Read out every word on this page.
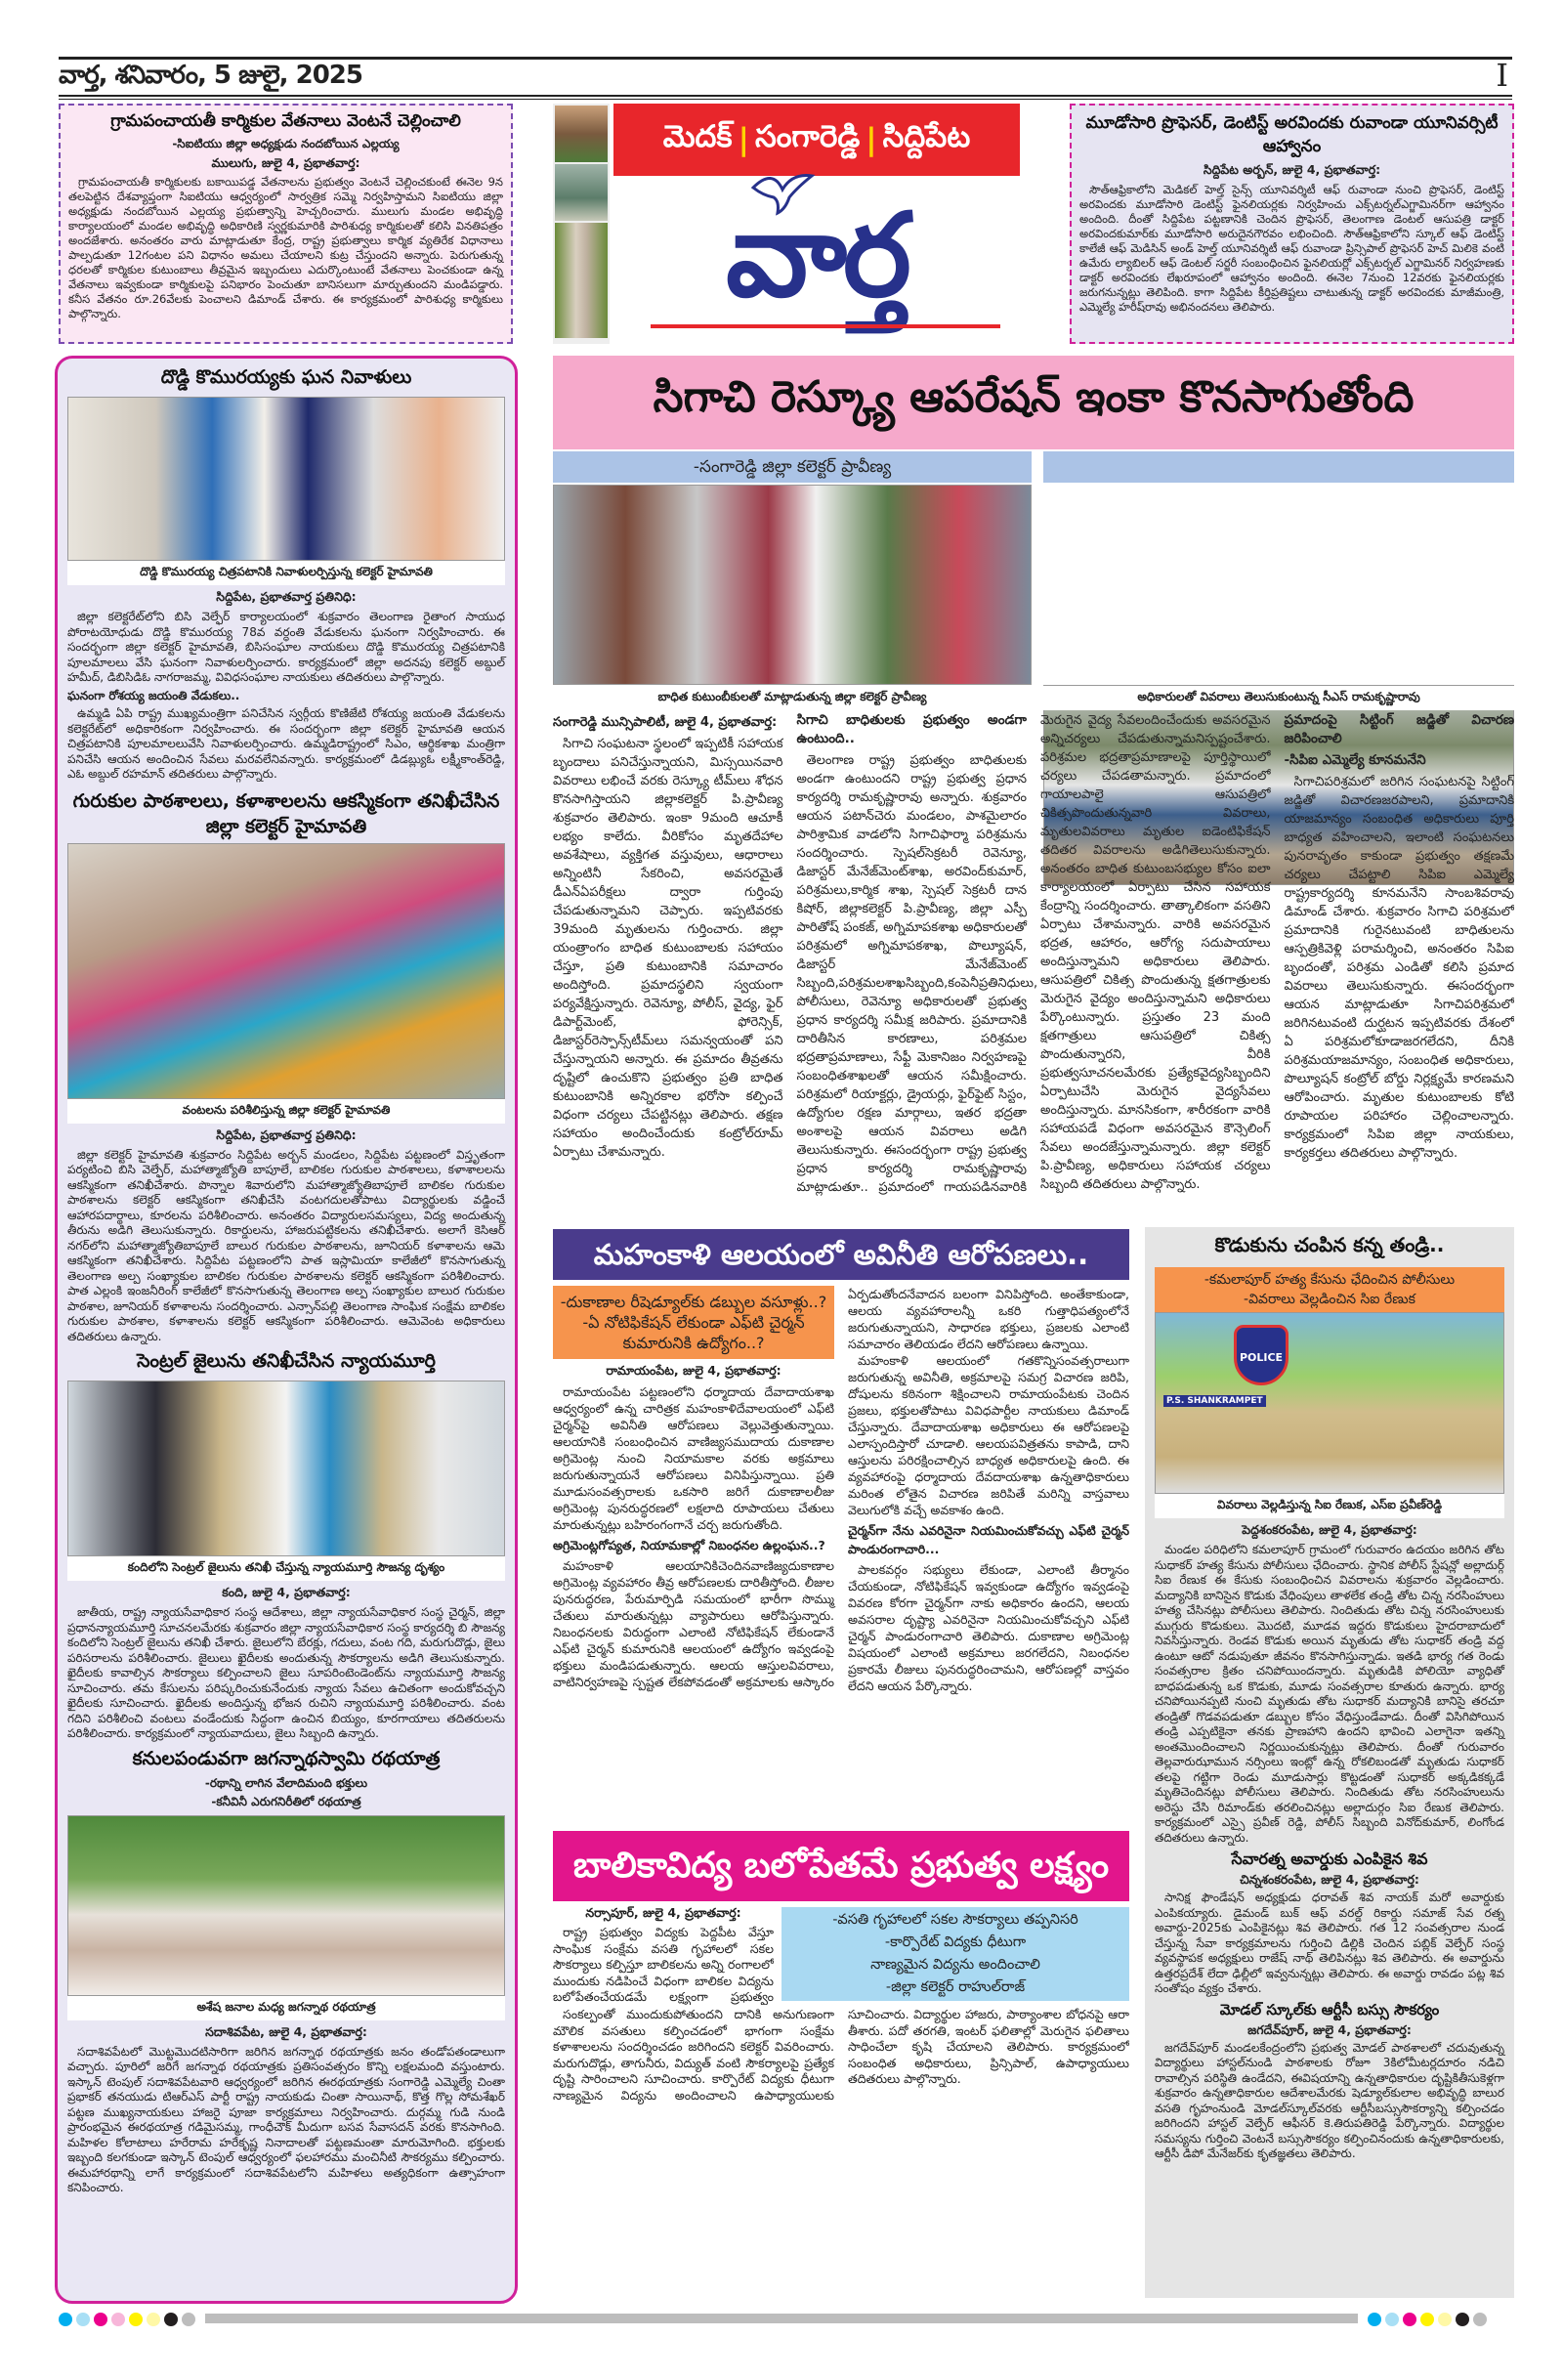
వార్త, శనివారం, 5 జులై, 2025	I
గ్రామపంచాయతీ కార్మికుల వేతనాలు వెంటనే చెల్లించాలి
-సిఐటియు జిల్లా అధ్యక్షుడు నందబోయిన ఎల్లయ్య
ములుగు, జులై 4, ప్రభాతవార్త:
గ్రామపంచాయతీ కార్మికులకు బకాయిపడ్డ వేతనాలను ప్రభుత్వం వెంటనే చెల్లించకుంటే ఈనెల 9న తలపెట్టిన దేశవ్యాప్తంగా సిఐటియు ఆధ్వర్యంలో సార్వత్రిక సమ్మె నిర్వహిస్తామని సిఐటియు జిల్లా అధ్యక్షుడు నందబోయిన ఎల్లయ్య ప్రభుత్వాన్ని హెచ్చరించారు. ములుగు మండల అభివృద్ధి కార్యాలయంలో మండల అభివృద్ధి అధికారిణి స్వర్ణకుమారికి పారిశుధ్య కార్మికులతో కలిసి వినతిపత్రం అందజేశారు. అనంతరం వారు మాట్లాడుతూ కేంద్ర, రాష్ట్ర ప్రభుత్వాలు కార్మిక వ్యతిరేక విధానాలు పాల్పడుతూ 12గంటల పని విధానం అమలు చేయాలని కుట్ర చేస్తుందని అన్నారు. పెరుగుతున్న ధరలతో కార్మికుల కుటుంబాలు తీవ్రమైన ఇబ్బందులు ఎదుర్కొంటుంటే వేతనాలు పెంచకుండా ఉన్న వేతనాలు ఇవ్వకుండా కార్మికులపై పనిభారం పెంచుతూ బానిసలుగా మార్చుతుందని మండిపడ్డారు. కనీస వేతనం రూ.26వేలకు పెంచాలని డిమాండ్ చేశారు. ఈ కార్యక్రమంలో పారిశుధ్య కార్మికులు పాల్గొన్నారు.
మెదక్ | సంగారెడ్డి | సిద్దిపేట
వార్త
మూడోసారి ప్రొఫెసర్, డెంటిస్ట్ అరవిందకు రువాండా యూనివర్సిటీ ఆహ్వానం
సిద్దిపేట అర్బన్, జులై 4, ప్రభాతవార్త:
సౌత్ఆఫ్రికాలోని మెడికల్ హెల్త్ సైన్స్ యూనివర్శిటీ ఆఫ్ రువాండా నుంచి ప్రొఫెసర్, డెంటిస్ట్ అరవిందకు మూడోసారి డెంటిస్ట్ ఫైనలియర్లకు నిర్వహించు ఎక్స్‌టర్నల్ఎగ్జామినర్‌గా ఆహ్వానం అందింది. దీంతో సిద్దిపేట పట్టణానికి చెందిన ప్రొఫెసర్, తెలంగాణ డెంటల్ ఆసుపత్రి డాక్టర్ అరవిందకుమార్‌కు మూడోసారి అరుదైనగౌరవం లభించింది. సౌత్ఆఫ్రికాలోని స్కూల్ ఆఫ్ డెంటిస్ట్ కాలేజీ ఆఫ్ మెడిసిన్ అండ్ హెల్త్ యూనివర్శిటీ ఆఫ్ రువాండా ప్రిన్సిపాల్ ప్రొఫెసర్ హెచ్‌ మిలికె వంటి ఉమేరు ల్యాబిలర్ ఆఫ్ డెంటల్ సర్జరీ సంబంధించిన ఫైనలియర్లో ఎక్స్‌టర్నల్ ఎగ్జామినర్ నిర్వహణకు డాక్టర్ అరవిందకు లేఖరూపంలో ఆహ్వానం అందింది. ఈనెల 7నుంచి 12వరకు ఫైనలియర్లకు జరుగనున్నట్లు తెలిపింది. కాగా సిద్దిపేట కీర్తిప్రతిష్టలు చాటుతున్న డాక్టర్ అరవిందకు మాజీమంత్రి, ఎమ్మెల్యే హరీష్‌రావు అభినందనలు తెలిపారు.
దొడ్డి కొమురయ్యకు ఘన నివాళులు
దొడ్డి కొమురయ్య చిత్రపటానికి నివాళులర్పిస్తున్న కలెక్టర్ హైమావతి
సిద్దిపేట, ప్రభాతవార్త ప్రతినిధి:
జిల్లా కలెక్టరేట్‌లోని బిసి వెల్ఫేర్ కార్యాలయంలో శుక్రవారం తెలంగాణ రైతాంగ సాయుధ పోరాటయోధుడు దొడ్డి కొమురయ్య 78వ వర్ధంతి వేడుకలను ఘనంగా నిర్వహించారు. ఈ సందర్భంగా జిల్లా కలెక్టర్ హైమావతి, బిసిసంఘాల నాయకులు దొడ్డి కొమురయ్య చిత్రపటానికి పూలమాలలు వేసి ఘనంగా నివాళులర్పించారు. కార్యక్రమంలో జిల్లా అదనపు కలెక్టర్ అబ్దుల్ హమీద్, డిబిసిడిఓ నాగరాజమ్మ, వివిధసంఘాల నాయకులు తదితరులు పాల్గొన్నారు.
ఘనంగా రోశయ్య జయంతి వేడుకలు..
ఉమ్మడి ఏపి రాష్ట్ర ముఖ్యమంత్రిగా పనిచేసిన స్వర్గీయ కొణిజేటి రోశయ్య జయంతి వేడుకలను కలెక్టరేట్‌లో అధికారికంగా నిర్వహించారు. ఈ సందర్భంగా జిల్లా కలెక్టర్ హైమావతి ఆయన చిత్రపటానికి పూలమాలలువేసి నివాళులర్పించారు. ఉమ్మడిరాష్ట్రంలో సిఎం, ఆర్థికశాఖ మంత్రిగా పనిచేసి ఆయన అందించిన సేవలు మరవలేనివన్నారు. కార్యక్రమంలో డిడబ్ల్యుఓ లక్ష్మీకాంత్‌రెడ్డి, ఎఓ అబ్దుల్ రహమాన్ తదితరులు పాల్గొన్నారు.
గురుకుల పాఠశాలలు, కళాశాలలను ఆకస్మికంగా తనిఖీచేసిన జిల్లా కలెక్టర్ హైమావతి
వంటలను పరిశీలిస్తున్న జిల్లా కలెక్టర్ హైమావతి
సిద్దిపేట, ప్రభాతవార్త ప్రతినిధి:
జిల్లా కలెక్టర్ హైమావతి శుక్రవారం సిద్దిపేట అర్బన్ మండలం, సిద్దిపేట పట్టణంలో విస్తృతంగా పర్యటించి బిసి వెల్ఫేర్, మహాత్మాజ్యోతి బాపూలే, బాలికల గురుకుల పాఠశాలలు, కళాశాలలను ఆకస్మికంగా తనిఖీచేశారు. పొన్నాల శివారులోని మహాత్మాజ్యోతిబాపూలే బాలికల గురుకుల పాఠశాలను కలెక్టర్ ఆకస్మికంగా తనిఖీచేసి వంటగదులతోపాటు విద్యార్థులకు వడ్డించే ఆహారపదార్థాలు, కూరలను పరిశీలించారు. అనంతరం విద్యారులసమస్యలు, విద్య అందుతున్న తీరును అడిగి తెలుసుకున్నారు. రికార్డులను, హాజరుపట్టికలను తనిఖీచేశారు. అలాగే కెసిఆర్ నగర్‌లోని మహాత్మాజ్యోతిబాపూలే బాలుర గురుకుల పాఠశాలను, జూనియర్ కళాశాలను ఆమె ఆకస్మికంగా తనిఖీచేశారు. సిద్దిపేట పట్టణంలోని పాత ఇస్లామియా కాలేజీలో కొనసాగుతున్న తెలంగాణ అల్ప సంఖ్యాకుల బాలికల గురుకుల పాఠశాలను కలెక్టర్ ఆకస్మికంగా పరిశీలించారు. పాత ఎల్లంకి ఇంజనీరింగ్ కాలేజీలో కొనసాగుతున్న తెలంగాణ అల్ప సంఖ్యాకుల బాలుర గురుకుల పాఠశాల, జూనియర్ కళాశాలను సందర్శించారు. ఎన్సాన్‌పల్లి తెలంగాణ సాంఘిక సంక్షేమ బాలికల గురుకుల పాఠశాల, కళాశాలను కలెక్టర్ ఆకస్మికంగా పరిశీలించారు. ఆమెవెంట అధికారులు తదితరులు ఉన్నారు.
సెంట్రల్ జైలును తనిఖీచేసిన న్యాయమూర్తి
కందిలోని సెంట్రల్ జైలును తనిఖీ చేస్తున్న న్యాయమూర్తి సౌజన్య దృశ్యం
కంది, జులై 4, ప్రభాతవార్త:
జాతీయ, రాష్ట్ర న్యాయసేవాధికార సంస్థ ఆదేశాలు, జిల్లా న్యాయసేవాధికార సంస్థ చైర్మన్, జిల్లా ప్రధానన్యాయమూర్తి సూచనలమేరకు శుక్రవారం జిల్లా న్యాయసేవాధికార సంస్థ కార్యదర్శి బి సౌజన్య కందిలోని సెంట్రల్ జైలును తనిఖీ చేశారు. జైలులోని బేరక్లు, గదులు, వంట గది, మరుగుదొడ్లు, జైలు పరిసరాలను పరిశీలించారు. జైలులు ఖైదీలకు అందుతున్న సౌకర్యాలను అడిగి తెలుసుకున్నారు. ఖైదీలకు కావాల్సిన సౌకర్యాలు కల్పించాలని జైలు సూపరింటెండెంట్‌ను న్యాయమూర్తి సౌజన్య సూచించారు. తమ కేసులను పరిష్కరించుకునేందుకు న్యాయ సేవలు ఉచితంగా అందుకోవచ్చని ఖైదీలకు సూచించారు. ఖైదీలకు అందిస్తున్న భోజన రుచిని న్యాయమూర్తి పరిశీలించారు. వంట గదిని పరిశీలించి వంటలు వండేందుకు సిద్ధంగా ఉంచిన బియ్యం, కూరగాయాలు తదితరులను పరిశీలించారు. కార్యక్రమంలో న్యాయవాదులు, జైలు సిబ్బంది ఉన్నారు.
కనులపండువగా జగన్నాథస్వామి రథయాత్ర
-రథాన్ని లాగిన వేలాదిమంది భక్తులు
-కనీవినీ ఎరుగనిరీతిలో రథయాత్ర
అశేష జనాల మధ్య జగన్నాథ రథయాత్ర
సదాశివపేట, జులై 4, ప్రభాతవార్త:
సదాశివపేటలో మొట్టమొదటిసారిగా జరిగిన జగన్నాథ రథయాత్రకు జనం తండోపతండాలుగా వచ్చారు. పూరిలో జరిగే జగన్నాథ రథయాత్రకు ప్రతిసంవత్సరం కొన్ని లక్షలమంది వస్తుంటారు. ఇస్కాన్ టెంపుల్ సదాశివపేటవారి ఆధ్వర్యంలో జరిగిన ఈరథయాత్రకు సంగారెడ్డి ఎమ్మెల్యే చింతా ప్రభాకర్ తనయుడు టిఆర్ఎస్ పార్టీ రాష్ట్ర నాయకుడు చింతా సాయినాథ్, కొత్త గొల్ల సోమశేఖర్ పట్టణ ముఖ్యనాయకులు హాజరై పూజా కార్యక్రమాలు నిర్వహించారు. దుర్గమ్మ గుడి నుండి ప్రారంభమైన ఈరథయాత్ర గడిమైసమ్మ, గాంధీచౌక్ మీదుగా బసవ సేవాసదన్ వరకు కొనసాగింది. మహిళల కోలాటాలు హరేరామ హరేకృష్ణ నినాదాలతో పట్టణమంతా మారుమోగింది. భక్తులకు ఇబ్బంది కలగకుండా ఇస్కాన్ టెంపుల్ ఆధ్వర్యంలో ఫలహారము మంచినీటి సౌకర్యము కల్పించారు. ఈమహారథాన్ని లాగే కార్యక్రమంలో సదాశివపేటలోని మహిళలు అత్యధికంగా ఉత్సాహంగా కనిపించారు.
సిగాచి రెస్క్యూ ఆపరేషన్ ఇంకా కొనసాగుతోంది
-సంగారెడ్డి జిల్లా కలెక్టర్ ప్రావీణ్య
బాధిత కుటుంబీకులతో మాట్లాడుతున్న జిల్లా కలెక్టర్ ప్రావీణ్య	అధికారులతో వివరాలు తెలుసుకుంటున్న సీఎస్ రామకృష్ణారావు
సంగారెడ్డి మున్సిపాలిటీ, జులై 4, ప్రభాతవార్త:
సిగాచి సంఘటనా స్థలంలో ఇప్పటికీ సహాయక బృందాలు పనిచేస్తున్నాయని, మిస్సయినవారి వివరాలు లభించే వరకు రెస్క్యూ టీమ్‌లు శోధన కొనసాగిస్తాయని జిల్లాకలెక్టర్ పి.ప్రావీణ్య శుక్రవారం తెలిపారు. ఇంకా 9మంది ఆచూకీ లభ్యం కాలేదు. వీరికోసం మృతదేహాల అవశేషాలు, వ్యక్తిగత వస్తువులు, ఆధారాలు అన్నింటినీ సేకరించి, అవసరమైతే డీఎన్ఏపరీక్షలు ద్వారా గుర్తింపు చేపడుతున్నామని చెప్పారు. ఇప్పటివరకు 39మంది మృతులను గుర్తించారు. జిల్లా యంత్రాంగం బాధిత కుటుంబాలకు సహాయం చేస్తూ, ప్రతి కుటుంబానికి సమాచారం అందిస్తోంది. ప్రమాదస్థలిని స్వయంగా పర్యవేక్షిస్తున్నారు. రెవెన్యూ, పోలీస్, వైద్య, ఫైర్ డిపార్ట్‌మెంట్, ఫోరెన్సిక్, డిజాస్టర్‌రెస్పాన్స్‌టీమ్‌లు సమన్వయంతో పని చేస్తున్నాయని అన్నారు. ఈ ప్రమాదం తీవ్రతను దృష్టిలో ఉంచుకొని ప్రభుత్వం ప్రతి బాధిత కుటుంబానికి అన్నిరకాల భరోసా కల్పించే విధంగా చర్యలు చేపట్టినట్లు తెలిపారు. తక్షణ సహాయం అందించేందుకు కంట్రోల్‌రూమ్ ఏర్పాటు చేశామన్నారు.
సిగాచి బాధితులకు ప్రభుత్వం అండగా ఉంటుంది..
తెలంగాణ రాష్ట్ర ప్రభుత్వం బాధితులకు అండగా ఉంటుందని రాష్ట్ర ప్రభుత్వ ప్రధాన కార్యదర్శి రామకృష్ణారావు అన్నారు. శుక్రవారం ఆయన పటాన్‌చెరు మండలం, పాశమైలారం పారిశ్రామిక వాడలోని సిగాచిఫార్మా పరిశ్రమను సందర్శించారు. స్పెషల్‌సెక్రటరీ రెవెన్యూ, డిజాస్టర్ మేనేజ్‌మెంట్‌శాఖ, అరవింద్‌కుమార్, పరిశ్రమలు,కార్మిక శాఖ, స్పెషల్ సెక్రటరీ దాన కిషోర్, జిల్లాకలెక్టర్ పి.ప్రావీణ్య, జిల్లా ఎస్పీ పారితోష్ పంకజ్, అగ్నిమాపకశాఖ అధికారులతో పరిశ్రమలో అగ్నిమాపకశాఖ, పొల్యూషన్, డిజాస్టర్ మేనేజ్‌మెంట్ సిబ్బంది,పరిశ్రమలశాఖసిబ్బంది,కంపెనీప్రతినిధులు, పోలీసులు, రెవెన్యూ అధికారులతో ప్రభుత్వ ప్రధాన కార్యదర్శి సమీక్ష జరిపారు. ప్రమాదానికి దారితీసిన కారణాలు, పరిశ్రమల భద్రతాప్రమాణాలు, సేఫ్టీ మెకానిజం నిర్వహణపై సంబంధితశాఖలతో ఆయన సమీక్షించారు. పరిశ్రమలో రియాక్టర్లు, డ్రైయర్లు, ఫైర్‌ఫైట్ సిస్టం, ఉద్యోగుల రక్షణ మార్గాలు, ఇతర భద్రతా అంశాలపై ఆయన వివరాలు అడిగి తెలుసుకున్నారు. ఈసందర్భంగా రాష్ట్ర ప్రభుత్వ ప్రధాన కార్యదర్శి రామకృష్ణారావు మాట్లాడుతూ.. ప్రమాదంలో గాయపడినవారికి మెరుగైన వైద్య సేవలందించేందుకు అవసరమైన అన్నిచర్యలు చేపడుతున్నామనిస్పష్టంచేశారు. పరిశ్రమల భద్రతాప్రమాణాలపై పూర్తిస్థాయిలో చర్యలు చేపడతామన్నారు. ప్రమాదంలో గాయాలపాలై ఆసుపత్రిలో చికిత్సపొందుతున్నవారి వివరాలు, మృతులవివరాలు మృతుల ఐడెంటిఫికేషన్ తదితర వివరాలను అడిగితెలుసుకున్నారు. అనంతరం బాధిత కుటుంబసభ్యుల కోసం ఐలా కార్యాలయంలో ఏర్పాటు చేసిన సహాయక కేంద్రాన్ని సందర్శించారు. తాత్కాలికంగా వసతిని ఏర్పాటు చేశామన్నారు. వారికి అవసరమైన భద్రత, ఆహారం, ఆరోగ్య సదుపాయాలు అందిస్తున్నామని అధికారులు తెలిపారు. ఆసుపత్రిలో చికిత్స పొందుతున్న క్షతగాత్రులకు మెరుగైన వైద్యం అందిస్తున్నామని అధికారులు పేర్కొంటున్నారు. ప్రస్తుతం 23 మంది క్షతగాత్రులు ఆసుపత్రిలో చికిత్స పొందుతున్నారని, వీరికి ప్రభుత్వసూచనలమేరకు ప్రత్యేకవైద్యసిబ్బందిని ఏర్పాటుచేసి మెరుగైన వైద్యసేవలు అందిస్తున్నారు. మానసికంగా, శారీరకంగా వారికి సహాయపడే విధంగా అవసరమైన కౌన్సెలింగ్ సేవలు అందజేస్తున్నామన్నారు. జిల్లా కలెక్టర్ పి.ప్రావీణ్య, అధికారులు సహాయక చర్యలు సిబ్బంది తదితరులు పాల్గొన్నారు.
ప్రమాదంపై సిట్టింగ్ జడ్జితో విచారణ జరిపించాలి
-సిపిఐ ఎమ్మెల్యే కూనమనేని
సిగాచిపరిశ్రమలో జరిగిన సంఘటనపై సిట్టింగ్ జడ్జితో విచారణజరపాలని, ప్రమాదానికి యాజమాన్యం సంబంధిత అధికారులు పూర్తి బాధ్యత వహించాలని, ఇలాంటి సంఘటనలు పునరావృతం కాకుండా ప్రభుత్వం తక్షణమే చర్యలు చేపట్టాలి సిపిఐ ఎమ్మెల్యే రాష్ట్రకార్యదర్శి కూనమనేని సాంబశివరావు డిమాండ్ చేశారు. శుక్రవారం సిగాచి పరిశ్రమలో ప్రమాదానికి గురైనటువంటి బాధితులను ఆస్పత్రికివెళ్లి పరామర్శించి, అనంతరం సిపిఐ బృందంతో, పరిశ్రమ ఎండితో కలిసి ప్రమాద వివరాలు తెలుసుకున్నారు. ఈసందర్భంగా ఆయన మాట్లాడుతూ సిగాచిపరిశ్రమలో జరిగినటువంటి దుర్ఘటన ఇప్పటివరకు దేశంలో ఏ పరిశ్రమలోకూడాజరగలేదని, దీనికి పరిశ్రమయాజమాన్యం, సంబంధిత అధికారులు, పొల్యూషన్ కంట్రోల్ బోర్డు నిర్లక్ష్యమే కారణమని ఆరోపించారు. మృతుల కుటుంబాలకు కోటి రూపాయల పరిహారం చెల్లించాలన్నారు. కార్యక్రమంలో సిపిఐ జిల్లా నాయకులు, కార్యకర్తలు తదితరులు పాల్గొన్నారు.
మహంకాళి ఆలయంలో అవినీతి ఆరోపణలు..
-దుకాణాల రీషెడ్యూల్‌కు డబ్బుల వసూళ్లు..?
-ఏ నోటిఫికేషన్ లేకుండా ఎఫ్‌టి చైర్మన్ కుమారునికి ఉద్యోగం..?
రామాయంపేట, జులై 4, ప్రభాతవార్త:
రామాయంపేట పట్టణంలోని ధర్మాదాయ దేవాదాయశాఖ ఆధ్వర్యంలో ఉన్న చారిత్రక మహంకాళిదేవాలయంలో ఎఫ్‌టి చైర్మన్‌పై అవినీతి ఆరోపణలు వెల్లువెత్తుతున్నాయి. ఆలయానికి సంబంధించిన వాణిజ్యసముదాయ దుకాణాల అగ్రిమెంట్ల నుంచి నియామకాల వరకు అక్రమాలు జరుగుతున్నాయనే ఆరోపణలు వినిపిస్తున్నాయి. ప్రతి మూడుసంవత్సరాలకు ఒకసారి జరిగే దుకాణాలలీజు అగ్రిమెంట్ల పునరుద్ధరణలో లక్షలాది రూపాయలు చేతులు మారుతున్నట్లు బహిరంగంగానే చర్చ జరుగుతోంది.
అగ్రిమెంట్లగోప్యత, నియామకాల్లో నిబంధనల ఉల్లంఘన..?
మహంకాళి ఆలయానికిచెందినవాణిజ్యదుకాణాల అగ్రిమెంట్ల వ్యవహారం తీవ్ర ఆరోపణలకు దారితీస్తోంది. లీజుల పునరుద్ధరణ, పేరుమార్పిడి సమయంలో భారీగా సొమ్ము చేతులు మారుతున్నట్లు వ్యాపారులు ఆరోపిస్తున్నారు. నిబంధనలకు విరుద్ధంగా ఎలాంటి నోటిఫికేషన్ లేకుండానే ఎఫ్‌టి చైర్మన్ కుమారునికి ఆలయంలో ఉద్యోగం ఇవ్వడంపై భక్తులు మండిపడుతున్నారు. ఆలయ ఆస్తులవివరాలు, వాటినిర్వహణపై స్పష్టత లేకపోవడంతో అక్రమాలకు ఆస్కారం ఏర్పడుతోందనేవాదన బలంగా వినిపిస్తోంది. అంతేకాకుండా, ఆలయ వ్యవహారాలన్నీ ఒకరి గుత్తాధిపత్యంలోనే జరుగుతున్నాయని, సాధారణ భక్తులు, ప్రజలకు ఎలాంటి సమాచారం తెలియడం లేదని ఆరోపణలు ఉన్నాయి.
మహంకాళి ఆలయంలో గతకొన్నిసంవత్సరాలుగా జరుగుతున్న అవినీతి, అక్రమాలపై సమగ్ర విచారణ జరిపి, దోషులను కఠినంగా శిక్షించాలని రామాయంపేటకు చెందిన ప్రజలు, భక్తులతోపాటు వివిధపార్టీల నాయకులు డిమాండ్ చేస్తున్నారు. దేవాదాయశాఖ అధికారులు ఈ ఆరోపణలపై ఎలాస్పందిస్తారో చూడాలి. ఆలయపవిత్రతను కాపాడి, దాని ఆస్తులను పరిరక్షించాల్సిన బాధ్యత అధికారులపై ఉంది. ఈ వ్యవహారంపై ధర్మాదాయ దేవదాయశాఖ ఉన్నతాధికారులు మరింత లోతైన విచారణ జరిపితే మరిన్ని వాస్తవాలు వెలుగులోకి వచ్చే అవకాశం ఉంది.
చైర్మన్‌గా నేను ఎవరినైనా నియమించుకోవచ్చు ఎఫ్‌టి చైర్మన్ పాండురంగాచారి...
పాలకవర్గం సభ్యులు లేకుండా, ఎలాంటి తీర్మానం చేయకుండా, నోటిఫికేషన్ ఇవ్వకుండా ఉద్యోగం ఇవ్వడంపై వివరణ కోరగా చైర్మన్‌గా నాకు అధికారం ఉందని, ఆలయ అవసరాల దృష్ట్యా ఎవరినైనా నియమించుకోవచ్చని ఎఫ్‌టి చైర్మన్ పాండురంగాచారి తెలిపారు. దుకాణాల అగ్రిమెంట్ల విషయంలో ఎలాంటి అక్రమాలు జరగలేదని, నిబంధనల ప్రకారమే లీజులు పునరుద్ధరించామని, ఆరోపణల్లో వాస్తవం లేదని ఆయన పేర్కొన్నారు.
కొడుకును చంపిన కన్న తండ్రి..
-కమలాపూర్ హత్య కేసును ఛేదించిన పోలీసులు
-వివరాలు వెల్లడించిన సిఐ రేణుక
POLICE
P.S. SHANKRAMPET
వివరాలు వెల్లడిస్తున్న సిఐ రేణుక, ఎస్ఐ ప్రవీణ్‌రెడ్డి
పెద్దశంకరంపేట, జులై 4, ప్రభాతవార్త:
మండల పరిధిలోని కమలాపూర్ గ్రామంలో గురువారం ఉదయం జరిగిన తోట సుధాకర్ హత్య కేసును పోలీసులు ఛేదించారు. స్థానిక పోలీస్ స్టేషన్లో అల్లాదుర్గ్ సిఐ రేణుక ఈ కేసుకు సంబంధించిన వివరాలను శుక్రవారం వెల్లడించారు. మద్యానికి బానిసైన కొడుకు వేధింపులు తాళలేక తండ్రి తోట చిన్న నరసింహులు హత్య చేసినట్లు పోలీసులు తెలిపారు. నిందితుడు తోట చిన్న నరసింహులుకు ముగ్గురు కొడుకులు. మొదటి, మూడవ ఇద్దరు కొడుకులు హైదరాబాదులో నివసిస్తున్నారు. రెండవ కొడుకు అయిన మృతుడు తోట సుధాకర్ తండ్రి వద్ద ఉంటూ ఆటో నడుపుతూ జీవనం కొనసాగిస్తున్నాడు. ఇతడి భార్య గత రెండు సంవత్సరాల క్రితం చనిపోయిందన్నారు. మృతుడికి పోలియో వ్యాధితో బాధపడుతున్న ఒక కొడుకు, మూడు సంవత్సరాల కూతురు ఉన్నారు. భార్య చనిపోయినప్పటి నుంచి మృతుడు తోట సుధాకర్ మద్యానికి బానిసై తరచూ తండ్రితో గొడవపడుతూ డబ్బుల కోసం వేధిస్తుండేవాడు. దీంతో విసిగిపోయిన తండ్రి ఎప్పటికైనా తనకు ప్రాణహాని ఉందని భావించి ఎలాగైనా ఇతన్ని అంతమొందించాలని నిర్ణయించుకున్నట్లు తెలిపారు. దీంతో గురువారం తెల్లవారుఝామున నర్సింలు ఇంట్లో ఉన్న రోకలిబండతో మృతుడు సుధాకర్ తలపై గట్టిగా రెండు మూడుసార్లు కొట్టడంతో సుధాకర్ అక్కడికక్కడే మృతిచెందినట్లు పోలీసులు తెలిపారు. నిందితుడు తోట నరసింహులును అరెస్టు చేసి రిమాండ్‌కు తరలించినట్లు అల్లాదుర్గం సిఐ రేణుక తెలిపారు. కార్యక్రమంలో ఎస్సై ప్రవీణ్ రెడ్డి, పోలీస్ సిబ్బంది వినోద్‌కుమార్, లింగోండ తదితరులు ఉన్నారు.
సేవారత్న అవార్డుకు ఎంపికైన శివ
చిన్నశంకరంపేట, జులై 4, ప్రభాతవార్త:
సానిక్ష ఫౌండేషన్ అధ్యక్షుడు ధరావత్ శివ నాయక్ మరో అవార్డుకు ఎంపికయ్యారు. డైమండ్ బుక్ ఆఫ్ వరల్డ్ రికార్డు సమాజ్ సేవ రత్న అవార్డు-2025కు ఎంపికైనట్లు శివ తెలిపారు. గత 12 సంవత్సరాల నుండ చేస్తున్న సేవా కార్యక్రమాలను గుర్తించి డిల్లికి చెందిన పబ్లిక్ వెల్ఫేర్ సంస్థ వ్యవస్థాపక అధ్యక్షులు రాజేష్ నాథ్ తెలిపినట్లు శివ తెలిపారు. ఈ అవార్డును ఉత్తరప్రదేశ్ లేదా ఢిల్లీలో ఇవ్వనున్నట్లు తెలిపారు. ఈ అవార్డు రావడం పట్ల శివ సంతోషం వ్యక్తం చేశారు.
మోడల్ స్కూల్‌కు ఆర్టీసీ బస్సు సౌకర్యం
జగదేవ్‌పూర్, జులై 4, ప్రభాతవార్త:
జగదేవ్‌పూర్ మండలకేంద్రంలోని ప్రభుత్వ మోడల్ పాఠశాలలో చదువుతున్న విద్యార్థులు హాస్టల్‌నుండి పాఠశాలకు రోజూ 3కిలోమీటర్లదూరం నడిచి రావాల్సిన పరిస్థితి ఉండేదని, ఈవిషయాన్ని ఉన్నతాధికారుల దృష్టికితీసుకెళ్లగా శుక్రవారం ఉన్నతాధికారుల ఆదేశాలమేరకు షెడ్యూల్‌కులాల అభివృద్ధి బాలుర వసతి గృహంనుండి మోడల్‌స్కూల్‌వరకు ఆర్టీసీబస్సుసౌకర్యాన్ని కల్పించడం జరిగిందని హాస్టల్ వెల్ఫేర్ ఆఫీసర్ కె.తిరుపతిరెడ్డి పేర్కొన్నారు. విద్యార్థుల సమస్యను గుర్తించి వెంటనే బస్సుసౌకర్యం కల్పించినందుకు ఉన్నతాధికారులకు, ఆర్టీసీ డిపో మేనేజర్‌కు కృతజ్ఞతలు తెలిపారు.
బాలికావిద్య బలోపేతమే ప్రభుత్వ లక్ష్యం
-వసతి గృహాలలో సకల సౌకర్యాలు తప్పనిసరి
-కార్పొరేట్ విద్యకు ధీటుగా
నాణ్యమైన విద్యను అందించాలి
-జిల్లా కలెక్టర్ రాహుల్‌రాజ్
నర్సాపూర్, జులై 4, ప్రభాతవార్త:
రాష్ట్ర ప్రభుత్వం విద్యకు పెద్దపీట వేస్తూ సాంఘిక సంక్షేమ వసతి గృహాలలో సకల సౌకర్యాలు కల్పిస్తూ బాలికలను అన్ని రంగాలలో ముందుకు నడిపించే విధంగా బాలికల విద్యను బలోపేతంచేయడమే లక్ష్యంగా ప్రభుత్వం
సంకల్పంతో ముందుకుపోతుందని దానికి అనుగుణంగా మౌలిక వసతులు కల్పించడంలో భాగంగా సంక్షేమ కళాశాలలను సందర్శించడం జరిగిందని కలెక్టర్ వివరించారు. మరుగుదొడ్లు, తాగునీరు, విద్యుత్ వంటి సౌకర్యాలపై ప్రత్యేక దృష్టి సారించాలని సూచించారు. కార్పొరేట్ విద్యకు ధీటుగా నాణ్యమైన విద్యను అందించాలని ఉపాధ్యాయులకు సూచించారు. విద్యార్థుల హాజరు, పాఠ్యాంశాల బోధనపై ఆరా తీశారు. పదో తరగతి, ఇంటర్ ఫలితాల్లో మెరుగైన ఫలితాలు సాధించేలా కృషి చేయాలని తెలిపారు. కార్యక్రమంలో సంబంధిత అధికారులు, ప్రిన్సిపాల్, ఉపాధ్యాయులు తదితరులు పాల్గొన్నారు.
